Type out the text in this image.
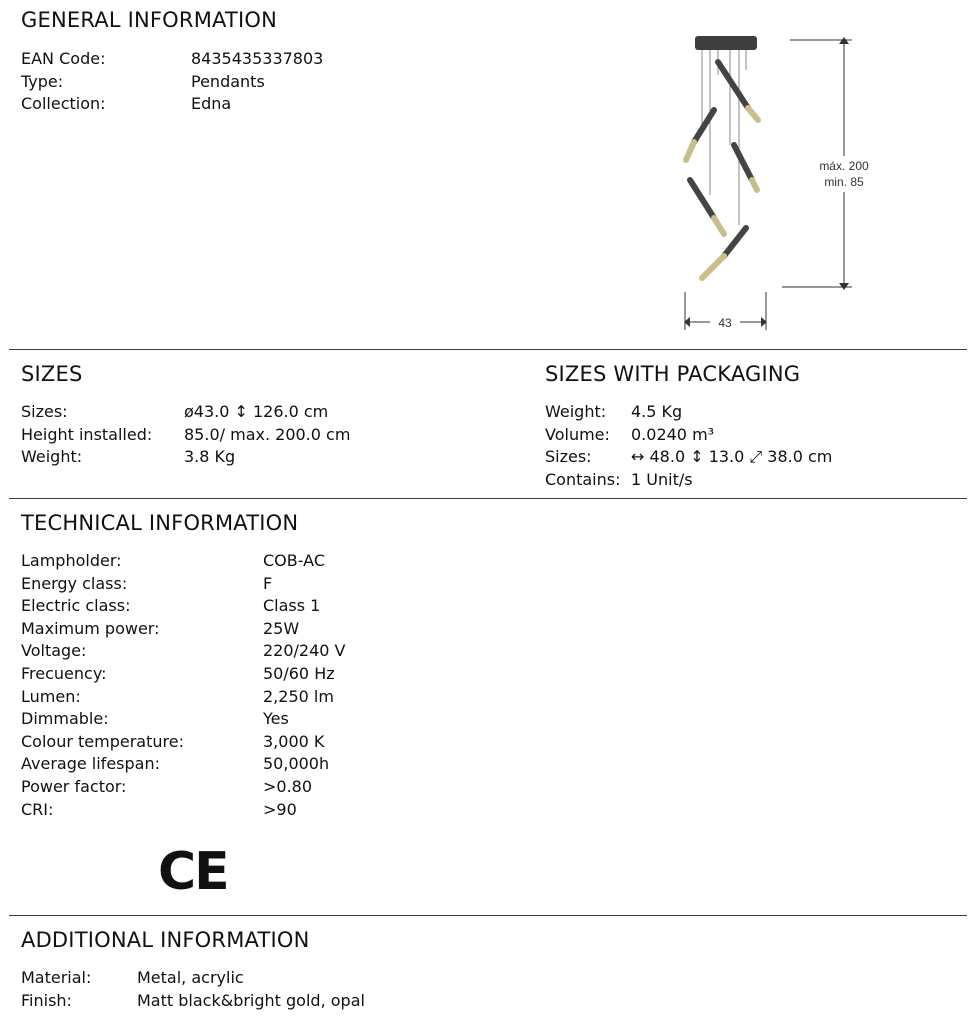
GENERAL INFORMATION
EAN Code:	8435435337803
Type:	Pendants
Collection:	Edna
máx. 200
min. 85
43
SIZES
Sizes:	ø43.0 ↕ 126.0 cm
Height installed: 85.0/ max. 200.0 cm
Weight:	3.8 Kg
SIZES WITH PACKAGING
Weight: 4.5 Kg
Volume: 0.0240 m³
Sizes: ↔ 48.0 ↕ 13.0 ⤢ 38.0 cm
Contains: 1 Unit/s
TECHNICAL INFORMATION
Lampholder:	COB-AC
Energy class:	F
Electric class:	Class 1
Maximum power:	25W
Voltage:	220/240 V
Frecuency:	50/60 Hz
Lumen:	2,250 lm
Dimmable:	Yes
Colour temperature:	3,000 K
Average lifespan:	50,000h
Power factor:	>0.80
CRI:	>90
CE
ADDITIONAL INFORMATION
Material:	Metal, acrylic
Finish:	Matt black&bright gold, opal
